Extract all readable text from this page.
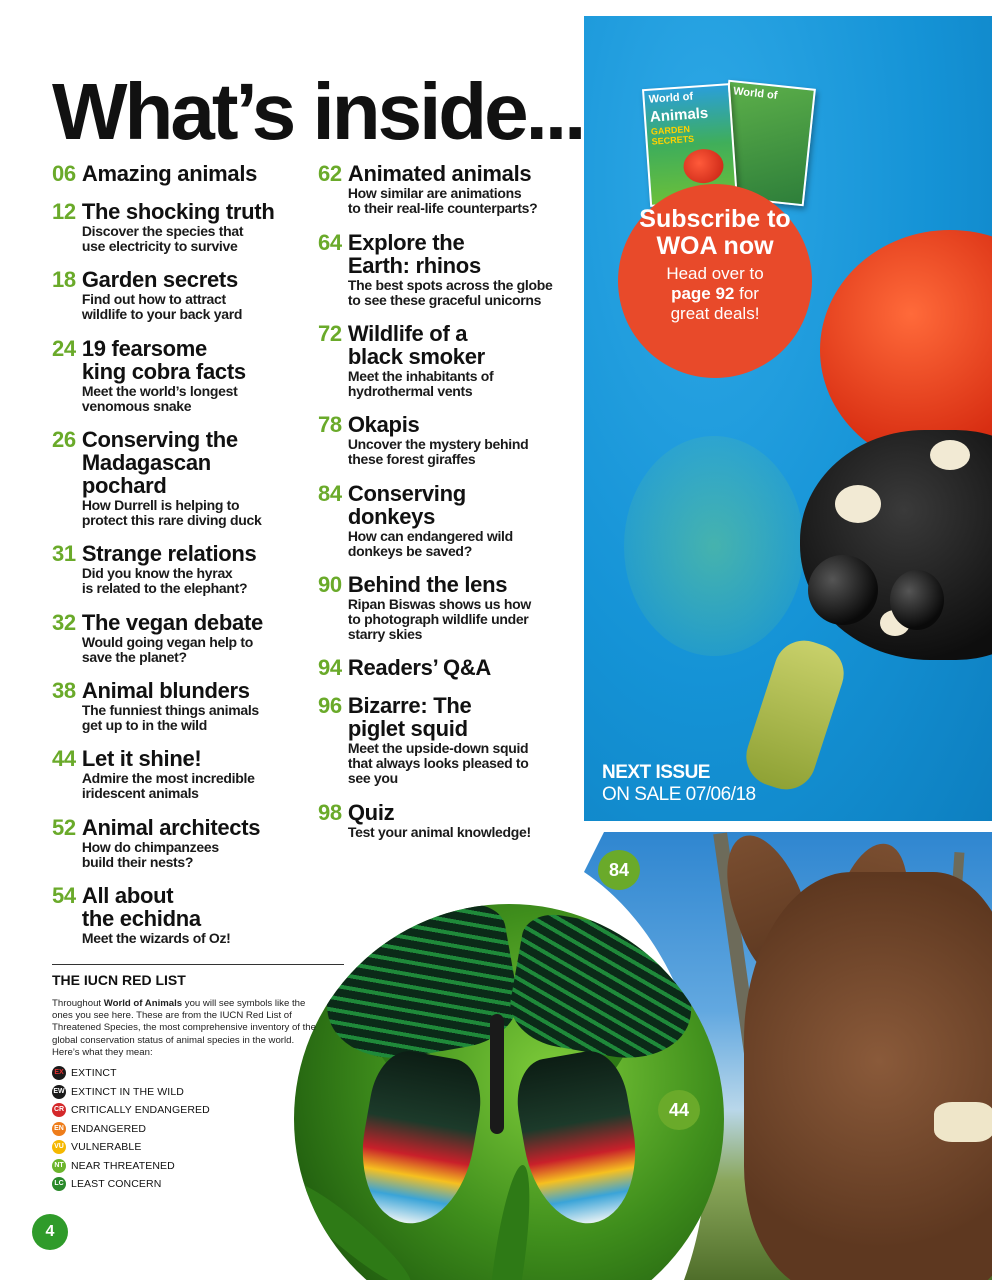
What’s inside...
06 Amazing animals
12 The shocking truth
Discover the species that
use electricity to survive
18 Garden secrets
Find out how to attract
wildlife to your back yard
24 19 fearsome
king cobra facts
Meet the world’s longest
venomous snake
26 Conserving the
Madagascan
pochard
How Durrell is helping to
protect this rare diving duck
31 Strange relations
Did you know the hyrax
is related to the elephant?
32 The vegan debate
Would going vegan help to
save the planet?
38 Animal blunders
The funniest things animals
get up to in the wild
44 Let it shine!
Admire the most incredible
iridescent animals
52 Animal architects
How do chimpanzees
build their nests?
54 All about
the echidna
Meet the wizards of Oz!
62 Animated animals
How similar are animations
to their real-life counterparts?
64 Explore the
Earth: rhinos
The best spots across the globe
to see these graceful unicorns
72 Wildlife of a
black smoker
Meet the inhabitants of
hydrothermal vents
78 Okapis
Uncover the mystery behind
these forest giraffes
84 Conserving
donkeys
How can endangered wild
donkeys be saved?
90 Behind the lens
Ripan Biswas shows us how
to photograph wildlife under
starry skies
94 Readers’ Q&A
96 Bizarre: The
piglet squid
Meet the upside-down squid
that always looks pleased to
see you
98 Quiz
Test your animal knowledge!
World of
World of
Animals
GARDEN SECRETS
Subscribe to
WOA now
Head over to
page 92 for
great deals!
NEXT ISSUE
ON SALE 07/06/18
84
44
THE IUCN RED LIST
Throughout World of Animals you will see symbols like the ones you see here. These are from the IUCN Red List of Threatened Species, the most comprehensive inventory of the global conservation status of animal species in the world. Here’s what they mean:
EX EXTINCT
EW EXTINCT IN THE WILD
CR CRITICALLY ENDANGERED
EN ENDANGERED
VU VULNERABLE
NT NEAR THREATENED
LC LEAST CONCERN
4
